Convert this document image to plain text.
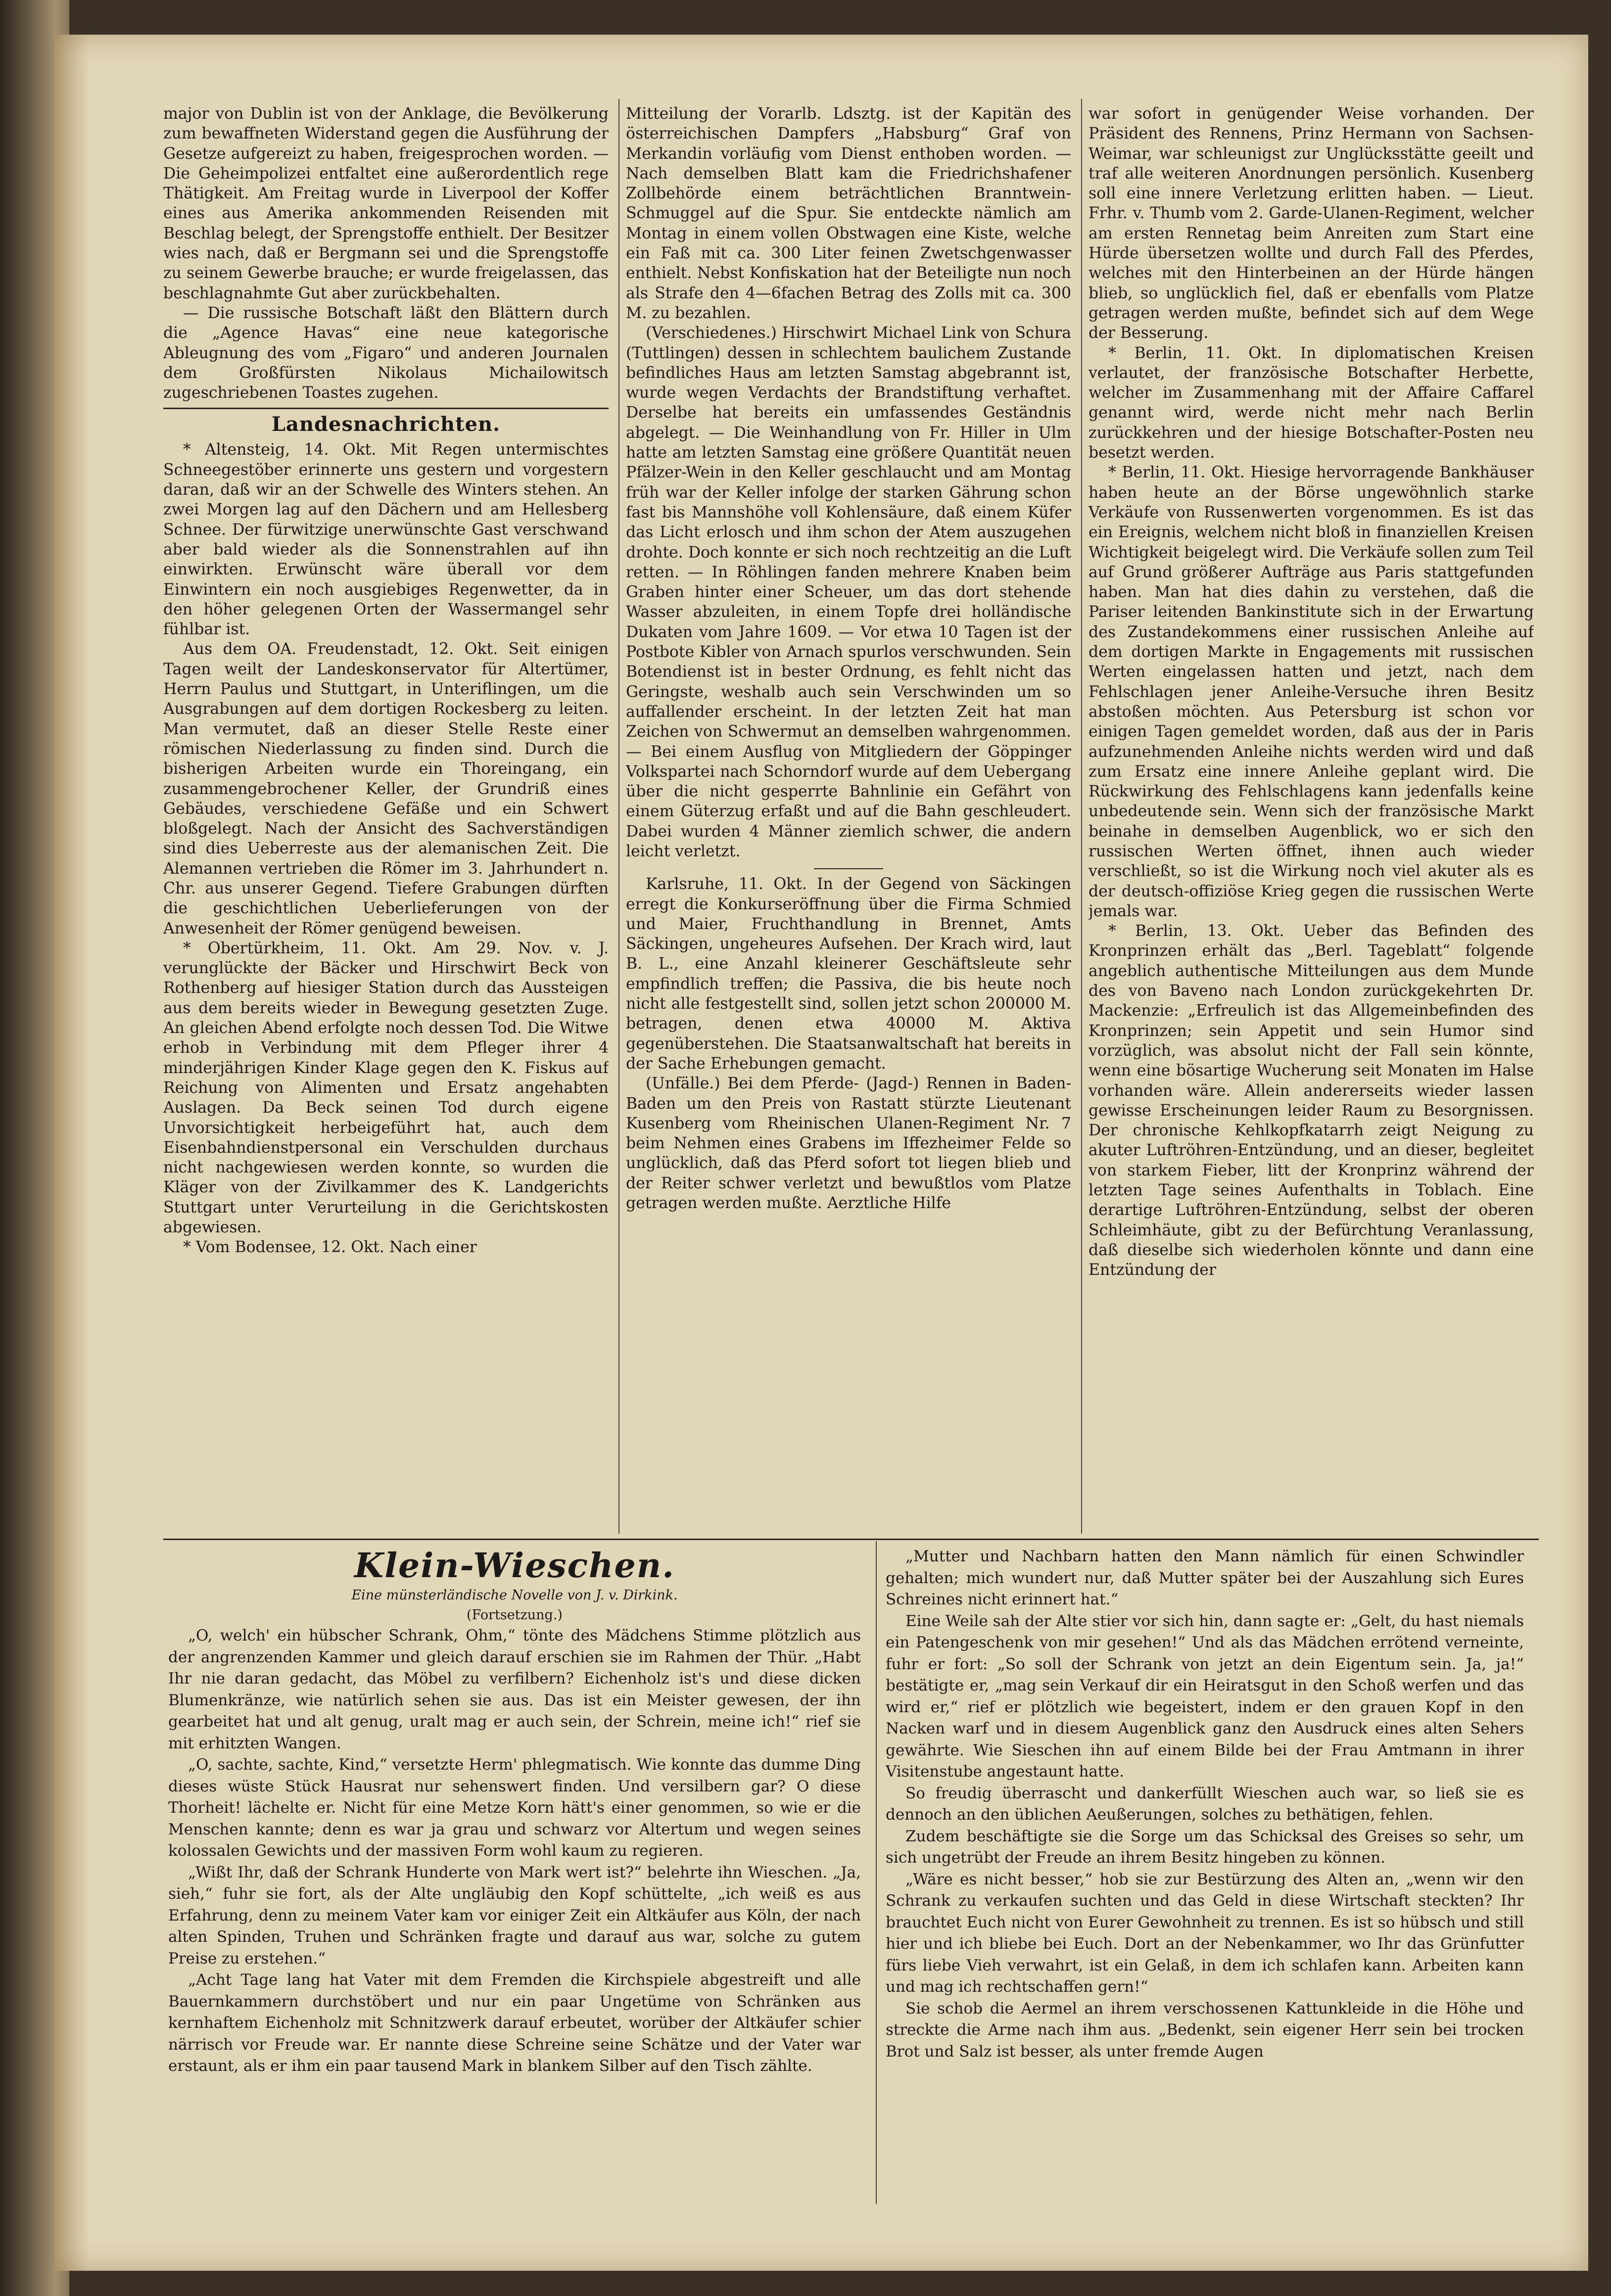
major von Dublin ist von der Anklage, die Bevölkerung zum bewaffneten Widerstand gegen die Ausführung der Gesetze aufgereizt zu haben, freigesprochen worden. — Die Geheimpolizei entfaltet eine außerordentlich rege Thätigkeit. Am Freitag wurde in Liverpool der Koffer eines aus Amerika ankommenden Reisenden mit Beschlag belegt, der Sprengstoffe enthielt. Der Besitzer wies nach, daß er Bergmann sei und die Sprengstoffe zu seinem Gewerbe brauche; er wurde freigelassen, das beschlagnahmte Gut aber zurückbehalten.

— Die russische Botschaft läßt den Blättern durch die „Agence Havas“ eine neue kategorische Ableugnung des vom „Figaro“ und anderen Journalen dem Großfürsten Nikolaus Michailowitsch zugeschriebenen Toastes zugehen.

Landesnachrichten.

* Altensteig, 14. Okt. Mit Regen untermischtes Schneegestöber erinnerte uns gestern und vorgestern daran, daß wir an der Schwelle des Winters stehen. An zwei Morgen lag auf den Dächern und am Hellesberg Schnee. Der fürwitzige unerwünschte Gast verschwand aber bald wieder als die Sonnenstrahlen auf ihn einwirkten. Erwünscht wäre überall vor dem Einwintern ein noch ausgiebiges Regenwetter, da in den höher gelegenen Orten der Wassermangel sehr fühlbar ist.

Aus dem OA. Freudenstadt, 12. Okt. Seit einigen Tagen weilt der Landeskonservator für Altertümer, Herrn Paulus und Stuttgart, in Unteriflingen, um die Ausgrabungen auf dem dortigen Rockesberg zu leiten. Man vermutet, daß an dieser Stelle Reste einer römischen Niederlassung zu finden sind. Durch die bisherigen Arbeiten wurde ein Thoreingang, ein zusammengebrochener Keller, der Grundriß eines Gebäudes, verschiedene Gefäße und ein Schwert bloßgelegt. Nach der Ansicht des Sachverständigen sind dies Ueberreste aus der alemanischen Zeit. Die Alemannen vertrieben die Römer im 3. Jahrhundert n. Chr. aus unserer Gegend. Tiefere Grabungen dürften die geschichtlichen Ueberlieferungen von der Anwesenheit der Römer genügend beweisen.

* Obertürkheim, 11. Okt. Am 29. Nov. v. J. verunglückte der Bäcker und Hirschwirt Beck von Rothenberg auf hiesiger Station durch das Aussteigen aus dem bereits wieder in Bewegung gesetzten Zuge. An gleichen Abend erfolgte noch dessen Tod. Die Witwe erhob in Verbindung mit dem Pfleger ihrer 4 minderjährigen Kinder Klage gegen den K. Fiskus auf Reichung von Alimenten und Ersatz angehabten Auslagen. Da Beck seinen Tod durch eigene Unvorsichtigkeit herbeigeführt hat, auch dem Eisenbahndienstpersonal ein Verschulden durchaus nicht nachgewiesen werden konnte, so wurden die Kläger von der Zivilkammer des K. Landgerichts Stuttgart unter Verurteilung in die Gerichtskosten abgewiesen.

* Vom Bodensee, 12. Okt. Nach einer

Mitteilung der Vorarlb. Ldsztg. ist der Kapitän des österreichischen Dampfers „Habsburg“ Graf von Merkandin vorläufig vom Dienst enthoben worden. — Nach demselben Blatt kam die Friedrichshafener Zollbehörde einem beträchtlichen Branntwein-Schmuggel auf die Spur. Sie entdeckte nämlich am Montag in einem vollen Obstwagen eine Kiste, welche ein Faß mit ca. 300 Liter feinen Zwetschgenwasser enthielt. Nebst Konfiskation hat der Beteiligte nun noch als Strafe den 4—6fachen Betrag des Zolls mit ca. 300 M. zu bezahlen.

(Verschiedenes.) Hirschwirt Michael Link von Schura (Tuttlingen) dessen in schlechtem baulichem Zustande befindliches Haus am letzten Samstag abgebrannt ist, wurde wegen Verdachts der Brandstiftung verhaftet. Derselbe hat bereits ein umfassendes Geständnis abgelegt. — Die Weinhandlung von Fr. Hiller in Ulm hatte am letzten Samstag eine größere Quantität neuen Pfälzer-Wein in den Keller geschlaucht und am Montag früh war der Keller infolge der starken Gährung schon fast bis Mannshöhe voll Kohlensäure, daß einem Küfer das Licht erlosch und ihm schon der Atem auszugehen drohte. Doch konnte er sich noch rechtzeitig an die Luft retten. — In Röhlingen fanden mehrere Knaben beim Graben hinter einer Scheuer, um das dort stehende Wasser abzuleiten, in einem Topfe drei holländische Dukaten vom Jahre 1609. — Vor etwa 10 Tagen ist der Postbote Kibler von Arnach spurlos verschwunden. Sein Botendienst ist in bester Ordnung, es fehlt nicht das Geringste, weshalb auch sein Verschwinden um so auffallender erscheint. In der letzten Zeit hat man Zeichen von Schwermut an demselben wahrgenommen. — Bei einem Ausflug von Mitgliedern der Göppinger Volkspartei nach Schorndorf wurde auf dem Uebergang über die nicht gesperrte Bahnlinie ein Gefährt von einem Güterzug erfaßt und auf die Bahn geschleudert. Dabei wurden 4 Männer ziemlich schwer, die andern leicht verletzt.

Karlsruhe, 11. Okt. In der Gegend von Säckingen erregt die Konkurseröffnung über die Firma Schmied und Maier, Fruchthandlung in Brennet, Amts Säckingen, ungeheures Aufsehen. Der Krach wird, laut B. L., eine Anzahl kleinerer Geschäftsleute sehr empfindlich treffen; die Passiva, die bis heute noch nicht alle festgestellt sind, sollen jetzt schon 200000 M. betragen, denen etwa 40000 M. Aktiva gegenüberstehen. Die Staatsanwaltschaft hat bereits in der Sache Erhebungen gemacht.

(Unfälle.) Bei dem Pferde- (Jagd-) Rennen in Baden-Baden um den Preis von Rastatt stürzte Lieutenant Kusenberg vom Rheinischen Ulanen-Regiment Nr. 7 beim Nehmen eines Grabens im Iffezheimer Felde so unglücklich, daß das Pferd sofort tot liegen blieb und der Reiter schwer verletzt und bewußtlos vom Platze getragen werden mußte. Aerztliche Hilfe

war sofort in genügender Weise vorhanden. Der Präsident des Rennens, Prinz Hermann von Sachsen-Weimar, war schleunigst zur Unglücksstätte geeilt und traf alle weiteren Anordnungen persönlich. Kusenberg soll eine innere Verletzung erlitten haben. — Lieut. Frhr. v. Thumb vom 2. Garde-Ulanen-Regiment, welcher am ersten Rennetag beim Anreiten zum Start eine Hürde übersetzen wollte und durch Fall des Pferdes, welches mit den Hinterbeinen an der Hürde hängen blieb, so unglücklich fiel, daß er ebenfalls vom Platze getragen werden mußte, befindet sich auf dem Wege der Besserung.

* Berlin, 11. Okt. In diplomatischen Kreisen verlautet, der französische Botschafter Herbette, welcher im Zusammenhang mit der Affaire Caffarel genannt wird, werde nicht mehr nach Berlin zurückkehren und der hiesige Botschafter-Posten neu besetzt werden.

* Berlin, 11. Okt. Hiesige hervorragende Bankhäuser haben heute an der Börse ungewöhnlich starke Verkäufe von Russenwerten vorgenommen. Es ist das ein Ereignis, welchem nicht bloß in finanziellen Kreisen Wichtigkeit beigelegt wird. Die Verkäufe sollen zum Teil auf Grund größerer Aufträge aus Paris stattgefunden haben. Man hat dies dahin zu verstehen, daß die Pariser leitenden Bankinstitute sich in der Erwartung des Zustandekommens einer russischen Anleihe auf dem dortigen Markte in Engagements mit russischen Werten eingelassen hatten und jetzt, nach dem Fehlschlagen jener Anleihe-Versuche ihren Besitz abstoßen möchten. Aus Petersburg ist schon vor einigen Tagen gemeldet worden, daß aus der in Paris aufzunehmenden Anleihe nichts werden wird und daß zum Ersatz eine innere Anleihe geplant wird. Die Rückwirkung des Fehlschlagens kann jedenfalls keine unbedeutende sein. Wenn sich der französische Markt beinahe in demselben Augenblick, wo er sich den russischen Werten öffnet, ihnen auch wieder verschließt, so ist die Wirkung noch viel akuter als es der deutsch-offiziöse Krieg gegen die russischen Werte jemals war.

* Berlin, 13. Okt. Ueber das Befinden des Kronprinzen erhält das „Berl. Tageblatt“ folgende angeblich authentische Mitteilungen aus dem Munde des von Baveno nach London zurückgekehrten Dr. Mackenzie: „Erfreulich ist das Allgemeinbefinden des Kronprinzen; sein Appetit und sein Humor sind vorzüglich, was absolut nicht der Fall sein könnte, wenn eine bösartige Wucherung seit Monaten im Halse vorhanden wäre. Allein andererseits wieder lassen gewisse Erscheinungen leider Raum zu Besorgnissen. Der chronische Kehlkopfkatarrh zeigt Neigung zu akuter Luftröhren-Entzündung, und an dieser, begleitet von starkem Fieber, litt der Kronprinz während der letzten Tage seines Aufenthalts in Toblach. Eine derartige Luftröhren-Entzündung, selbst der oberen Schleimhäute, gibt zu der Befürchtung Veranlassung, daß dieselbe sich wiederholen könnte und dann eine Entzündung der

Klein-Wieschen.

Eine münsterländische Novelle von J. v. Dirkink.

(Fortsetzung.)

„O, welch' ein hübscher Schrank, Ohm,“ tönte des Mädchens Stimme plötzlich aus der angrenzenden Kammer und gleich darauf erschien sie im Rahmen der Thür. „Habt Ihr nie daran gedacht, das Möbel zu verfilbern? Eichenholz ist's und diese dicken Blumenkränze, wie natürlich sehen sie aus. Das ist ein Meister gewesen, der ihn gearbeitet hat und alt genug, uralt mag er auch sein, der Schrein, meine ich!“ rief sie mit erhitzten Wangen.

„O, sachte, sachte, Kind,“ versetzte Herm' phlegmatisch. Wie konnte das dumme Ding dieses wüste Stück Hausrat nur sehenswert finden. Und versilbern gar? O diese Thorheit! lächelte er. Nicht für eine Metze Korn hätt's einer genommen, so wie er die Menschen kannte; denn es war ja grau und schwarz vor Altertum und wegen seines kolossalen Gewichts und der massiven Form wohl kaum zu regieren.

„Wißt Ihr, daß der Schrank Hunderte von Mark wert ist?“ belehrte ihn Wieschen. „Ja, sieh,“ fuhr sie fort, als der Alte ungläubig den Kopf schüttelte, „ich weiß es aus Erfahrung, denn zu meinem Vater kam vor einiger Zeit ein Altkäufer aus Köln, der nach alten Spinden, Truhen und Schränken fragte und darauf aus war, solche zu gutem Preise zu erstehen.“

„Acht Tage lang hat Vater mit dem Fremden die Kirchspiele abgestreift und alle Bauernkammern durchstöbert und nur ein paar Ungetüme von Schränken aus kernhaftem Eichenholz mit Schnitzwerk darauf erbeutet, worüber der Altkäufer schier närrisch vor Freude war. Er nannte diese Schreine seine Schätze und der Vater war erstaunt, als er ihm ein paar tausend Mark in blankem Silber auf den Tisch zählte.

„Mutter und Nachbarn hatten den Mann nämlich für einen Schwindler gehalten; mich wundert nur, daß Mutter später bei der Auszahlung sich Eures Schreines nicht erinnert hat.“

Eine Weile sah der Alte stier vor sich hin, dann sagte er: „Gelt, du hast niemals ein Patengeschenk von mir gesehen!“ Und als das Mädchen errötend verneinte, fuhr er fort: „So soll der Schrank von jetzt an dein Eigentum sein. Ja, ja!“ bestätigte er, „mag sein Verkauf dir ein Heiratsgut in den Schoß werfen und das wird er,“ rief er plötzlich wie begeistert, indem er den grauen Kopf in den Nacken warf und in diesem Augenblick ganz den Ausdruck eines alten Sehers gewährte. Wie Sieschen ihn auf einem Bilde bei der Frau Amtmann in ihrer Visitenstube angestaunt hatte.

So freudig überrascht und dankerfüllt Wieschen auch war, so ließ sie es dennoch an den üblichen Aeußerungen, solches zu bethätigen, fehlen.

Zudem beschäftigte sie die Sorge um das Schicksal des Greises so sehr, um sich ungetrübt der Freude an ihrem Besitz hingeben zu können.

„Wäre es nicht besser,“ hob sie zur Bestürzung des Alten an, „wenn wir den Schrank zu verkaufen suchten und das Geld in diese Wirtschaft steckten? Ihr brauchtet Euch nicht von Eurer Gewohnheit zu trennen. Es ist so hübsch und still hier und ich bliebe bei Euch. Dort an der Nebenkammer, wo Ihr das Grünfutter fürs liebe Vieh verwahrt, ist ein Gelaß, in dem ich schlafen kann. Arbeiten kann und mag ich rechtschaffen gern!“

Sie schob die Aermel an ihrem verschossenen Kattunkleide in die Höhe und streckte die Arme nach ihm aus. „Bedenkt, sein eigener Herr sein bei trocken Brot und Salz ist besser, als unter fremde Augen
